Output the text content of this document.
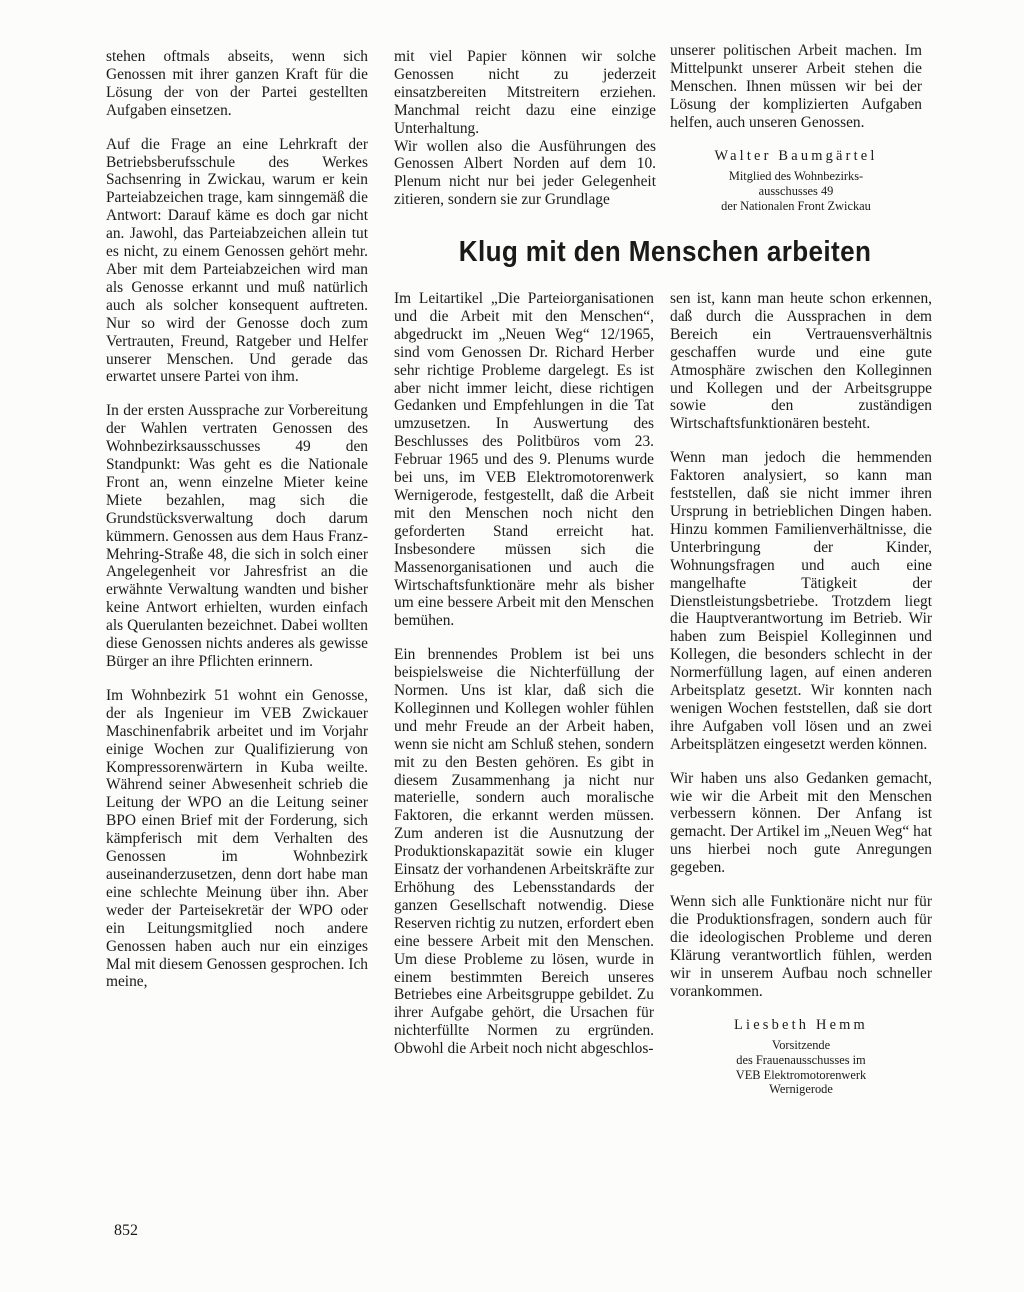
stehen oftmals abseits, wenn sich Genossen mit ihrer ganzen Kraft für die Lösung der von der Partei gestellten Aufgaben einsetzen.

Auf die Frage an eine Lehrkraft der Betriebsberufsschule des Werkes Sachsenring in Zwickau, warum er kein Parteiabzeichen trage, kam sinngemäß die Antwort: Darauf käme es doch gar nicht an. Jawohl, das Parteiabzeichen allein tut es nicht, zu einem Genossen gehört mehr. Aber mit dem Parteiabzeichen wird man als Genosse erkannt und muß natürlich auch als solcher konsequent auftreten. Nur so wird der Genosse doch zum Vertrauten, Freund, Ratgeber und Helfer unserer Menschen. Und gerade das erwartet unsere Partei von ihm.

In der ersten Aussprache zur Vorbereitung der Wahlen vertraten Genossen des Wohnbezirksausschusses 49 den Standpunkt: Was geht es die Nationale Front an, wenn einzelne Mieter keine Miete bezahlen, mag sich die Grundstücksverwaltung doch darum kümmern. Genossen aus dem Haus Franz-Mehring-Straße 48, die sich in solch einer Angelegenheit vor Jahresfrist an die erwähnte Verwaltung wandten und bisher keine Antwort erhielten, wurden einfach als Querulanten bezeichnet. Dabei wollten diese Genossen nichts anderes als gewisse Bürger an ihre Pflichten erinnern.

Im Wohnbezirk 51 wohnt ein Genosse, der als Ingenieur im VEB Zwickauer Maschinenfabrik arbeitet und im Vorjahr einige Wochen zur Qualifizierung von Kompressorenwärtern in Kuba weilte. Während seiner Abwesenheit schrieb die Leitung der WPO an die Leitung seiner BPO einen Brief mit der Forderung, sich kämpferisch mit dem Verhalten des Genossen im Wohnbezirk auseinanderzusetzen, denn dort habe man eine schlechte Meinung über ihn. Aber weder der Parteisekretär der WPO oder ein Leitungsmitglied noch andere Genossen haben auch nur ein einziges Mal mit diesem Genossen gesprochen. Ich meine,

mit viel Papier können wir solche Genossen nicht zu jederzeit einsatzbereiten Mitstreitern erziehen. Manchmal reicht dazu eine einzige Unterhaltung.

Wir wollen also die Ausführungen des Genossen Albert Norden auf dem 10. Plenum nicht nur bei jeder Gelegenheit zitieren, sondern sie zur Grundlage

unserer politischen Arbeit machen. Im Mittelpunkt unserer Arbeit stehen die Menschen. Ihnen müssen wir bei der Lösung der komplizierten Aufgaben helfen, auch unseren Genossen.

Walter Baumgärtel
Mitglied des Wohnbezirks-
ausschusses 49
der Nationalen Front Zwickau
Klug mit den Menschen arbeiten

Im Leitartikel „Die Parteiorganisationen und die Arbeit mit den Menschen“, abgedruckt im „Neuen Weg“ 12/1965, sind vom Genossen Dr. Richard Herber sehr richtige Probleme dargelegt. Es ist aber nicht immer leicht, diese richtigen Gedanken und Empfehlungen in die Tat umzusetzen. In Auswertung des Beschlusses des Politbüros vom 23. Februar 1965 und des 9. Plenums wurde bei uns, im VEB Elektromotorenwerk Wernigerode, festgestellt, daß die Arbeit mit den Menschen noch nicht den geforderten Stand erreicht hat. Insbesondere müssen sich die Massenorganisationen und auch die Wirtschaftsfunktionäre mehr als bisher um eine bessere Arbeit mit den Menschen bemühen.

Ein brennendes Problem ist bei uns beispielsweise die Nichterfüllung der Normen. Uns ist klar, daß sich die Kolleginnen und Kollegen wohler fühlen und mehr Freude an der Arbeit haben, wenn sie nicht am Schluß stehen, sondern mit zu den Besten gehören. Es gibt in diesem Zusammenhang ja nicht nur materielle, sondern auch moralische Faktoren, die erkannt werden müssen. Zum anderen ist die Ausnutzung der Produktionskapazität sowie ein kluger Einsatz der vorhandenen Arbeitskräfte zur Erhöhung des Lebensstandards der ganzen Gesellschaft notwendig. Diese Reserven richtig zu nutzen, erfordert eben eine bessere Arbeit mit den Menschen. Um diese Probleme zu lösen, wurde in einem bestimmten Bereich unseres Betriebes eine Arbeitsgruppe gebildet. Zu ihrer Aufgabe gehört, die Ursachen für nichterfüllte Normen zu ergründen. Obwohl die Arbeit noch nicht abgeschlos-

sen ist, kann man heute schon erkennen, daß durch die Aussprachen in dem Bereich ein Vertrauensverhältnis geschaffen wurde und eine gute Atmosphäre zwischen den Kolleginnen und Kollegen und der Arbeitsgruppe sowie den zuständigen Wirtschaftsfunktionären besteht.

Wenn man jedoch die hemmenden Faktoren analysiert, so kann man feststellen, daß sie nicht immer ihren Ursprung in betrieblichen Dingen haben. Hinzu kommen Familienverhältnisse, die Unterbringung der Kinder, Wohnungsfragen und auch eine mangelhafte Tätigkeit der Dienstleistungsbetriebe. Trotzdem liegt die Hauptverantwortung im Betrieb. Wir haben zum Beispiel Kolleginnen und Kollegen, die besonders schlecht in der Normerfüllung lagen, auf einen anderen Arbeitsplatz gesetzt. Wir konnten nach wenigen Wochen feststellen, daß sie dort ihre Aufgaben voll lösen und an zwei Arbeitsplätzen eingesetzt werden können.

Wir haben uns also Gedanken gemacht, wie wir die Arbeit mit den Menschen verbessern können. Der Anfang ist gemacht. Der Artikel im „Neuen Weg“ hat uns hierbei noch gute Anregungen gegeben.

Wenn sich alle Funktionäre nicht nur für die Produktionsfragen, sondern auch für die ideologischen Probleme und deren Klärung verantwortlich fühlen, werden wir in unserem Aufbau noch schneller vorankommen.

Liesbeth Hemm
Vorsitzende
des Frauenausschusses im
VEB Elektromotorenwerk
Wernigerode
852
